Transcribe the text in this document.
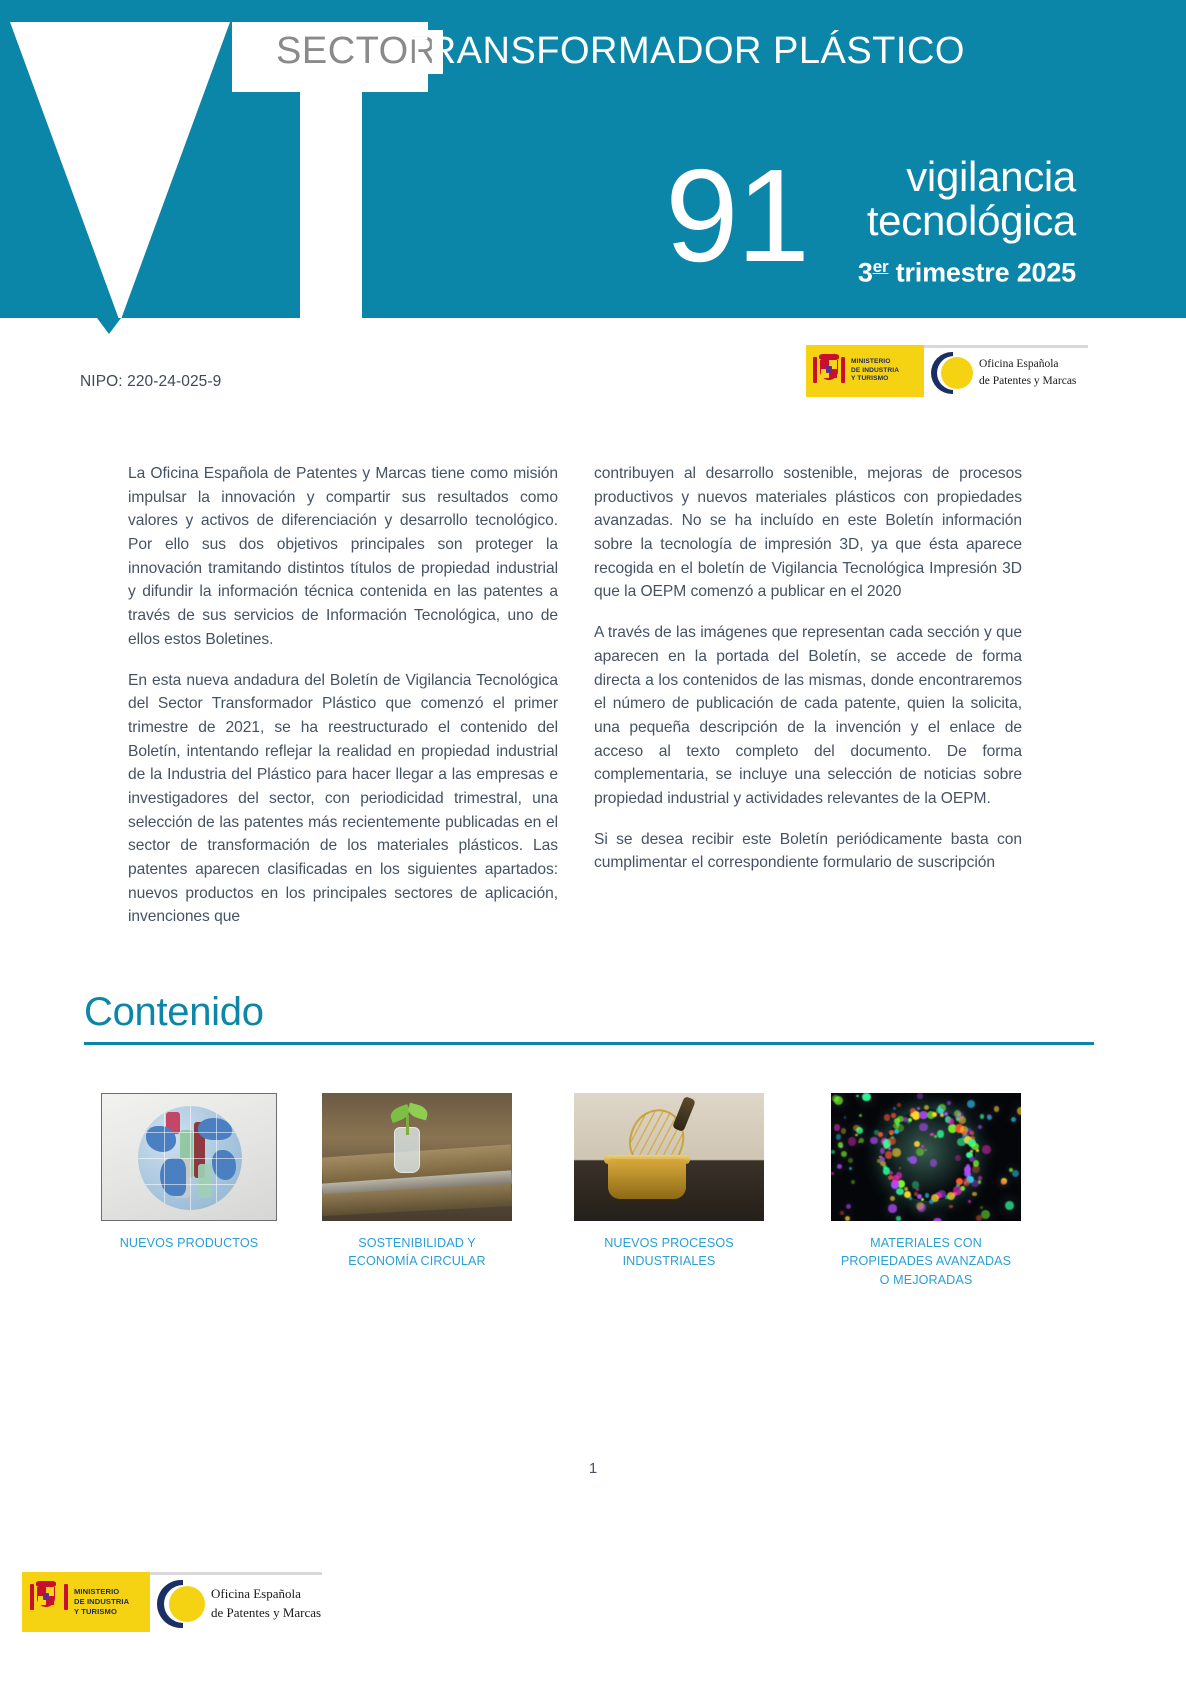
SECTOR
TRANSFORMADOR PLÁSTICO
91	vigilancia
tecnológica
3er trimestre 2025
NIPO: 220-24-025-9
MINISTERIO
DE INDUSTRIA
Y TURISMO
Oficina Española
de Patentes y Marcas

La Oficina Española de Patentes y Marcas tiene como misión impulsar la innovación y compartir sus resultados como valores y activos de diferenciación y desarrollo tecnológico. Por ello sus dos objetivos principales son proteger la innovación tramitando distintos títulos de propiedad industrial y difundir la información técnica contenida en las patentes a través de sus servicios de Información Tecnológica, uno de ellos estos Boletines.

En esta nueva andadura del Boletín de Vigilancia Tecnológica del Sector Transformador Plástico que comenzó el primer trimestre de 2021, se ha reestructurado el contenido del Boletín, intentando reflejar la realidad en propiedad industrial de la Industria del Plástico para hacer llegar a las empresas e investigadores del sector, con periodicidad trimestral, una selección de las patentes más recientemente publicadas en el sector de transformación de los materiales plásticos. Las patentes aparecen clasificadas en los siguientes apartados: nuevos productos en los principales sectores de aplicación, invenciones que

contribuyen al desarrollo sostenible, mejoras de procesos productivos y nuevos materiales plásticos con propiedades avanzadas. No se ha incluído en este Boletín información sobre la tecnología de impresión 3D, ya que ésta aparece recogida en el boletín de Vigilancia Tecnológica Impresión 3D que la OEPM comenzó a publicar en el 2020

A través de las imágenes que representan cada sección y que aparecen en la portada del Boletín, se accede de forma directa a los contenidos de las mismas, donde encontraremos el número de publicación de cada patente, quien la solicita, una pequeña descripción de la invención y el enlace de acceso al texto completo del documento. De forma complementaria, se incluye una selección de noticias sobre propiedad industrial y actividades relevantes de la OEPM.

Si se desea recibir este Boletín periódicamente basta con cumplimentar el correspondiente formulario de suscripción

Contenido
NUEVOS PRODUCTOS	SOSTENIBILIDAD Y
ECONOMÍA CIRCULAR
NUEVOS PROCESOS
INDUSTRIALES
MATERIALES CON
PROPIEDADES AVANZADAS
O MEJORADAS
1
MINISTERIO
DE INDUSTRIA
Y TURISMO
Oficina Española
de Patentes y Marcas
